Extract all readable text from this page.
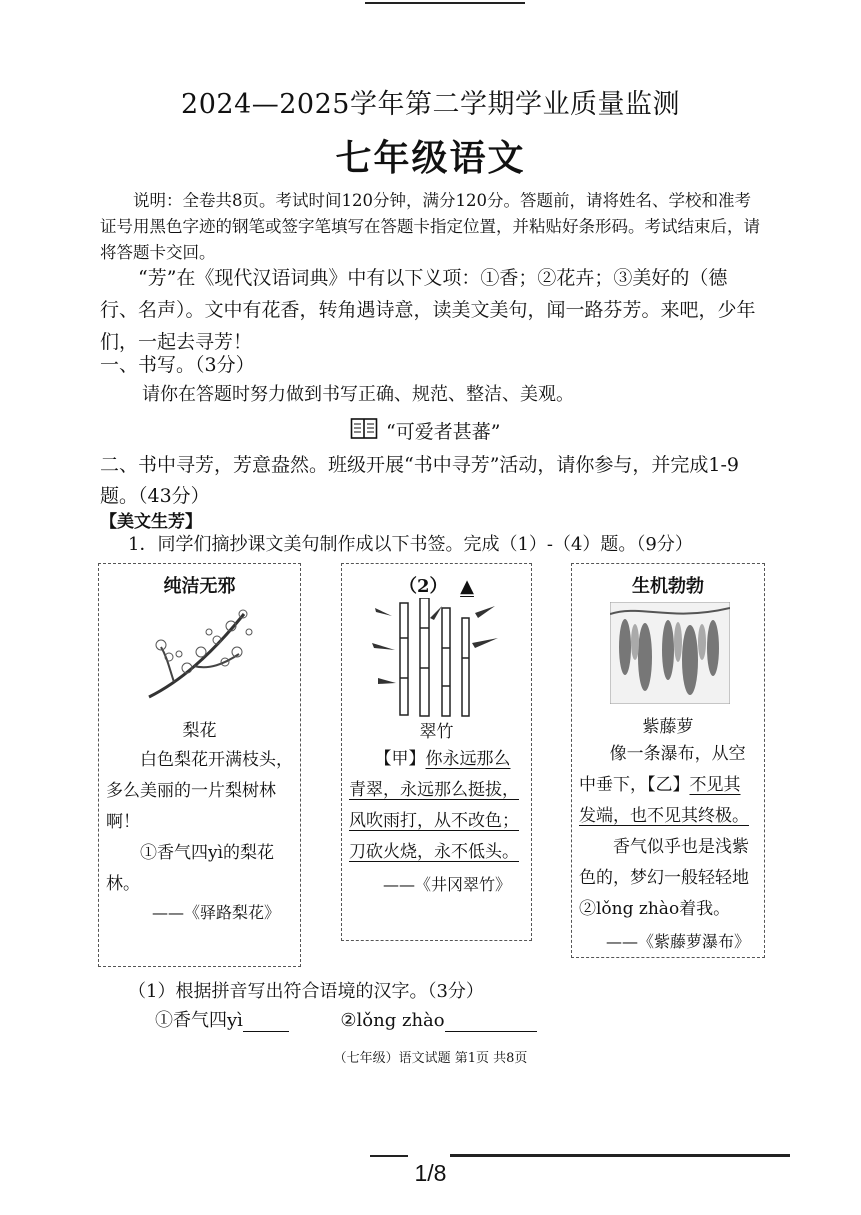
2024—2025学年第二学期学业质量监测
七年级语文
说明：全卷共8页。考试时间120分钟，满分120分。答题前，请将姓名、学校和准考证号用黑色字迹的钢笔或签字笔填写在答题卡指定位置，并粘贴好条形码。考试结束后，请将答题卡交回。
“芳”在《现代汉语词典》中有以下义项：①香；②花卉；③美好的（德行、名声）。文中有花香，转角遇诗意，读美文美句，闻一路芬芳。来吧，少年们，一起去寻芳！
一、书写。（3分）
请你在答题时努力做到书写正确、规范、整洁、美观。
“可爱者甚蕃”
二、书中寻芳，芳意盎然。班级开展“书中寻芳”活动，请你参与，并完成1-9题。（43分）
【美文生芳】
1．同学们摘抄课文美句制作成以下书签。完成（1）-（4）题。（9分）
纯洁无邪
梨花
白色梨花开满枝头，多么美丽的一片梨树林啊！
①香气四yì的梨花林。
——《驿路梨花》
（2） ▲
翠竹
【甲】你永远那么
青翠，永远那么挺拔，
风吹雨打，从不改色；
刀砍火烧，永不低头。
——《井冈翠竹》
生机勃勃
紫藤萝
像一条瀑布，从空中垂下，【乙】不见其
发端，也不见其终极。
香气似乎也是浅紫色的，梦幻一般轻轻地②lǒng zhào着我。
——《紫藤萝瀑布》
（1）根据拼音写出符合语境的汉字。（3分）
①香气四yì	②lǒng zhào
（七年级）语文试题 第1页 共8页
1/8
